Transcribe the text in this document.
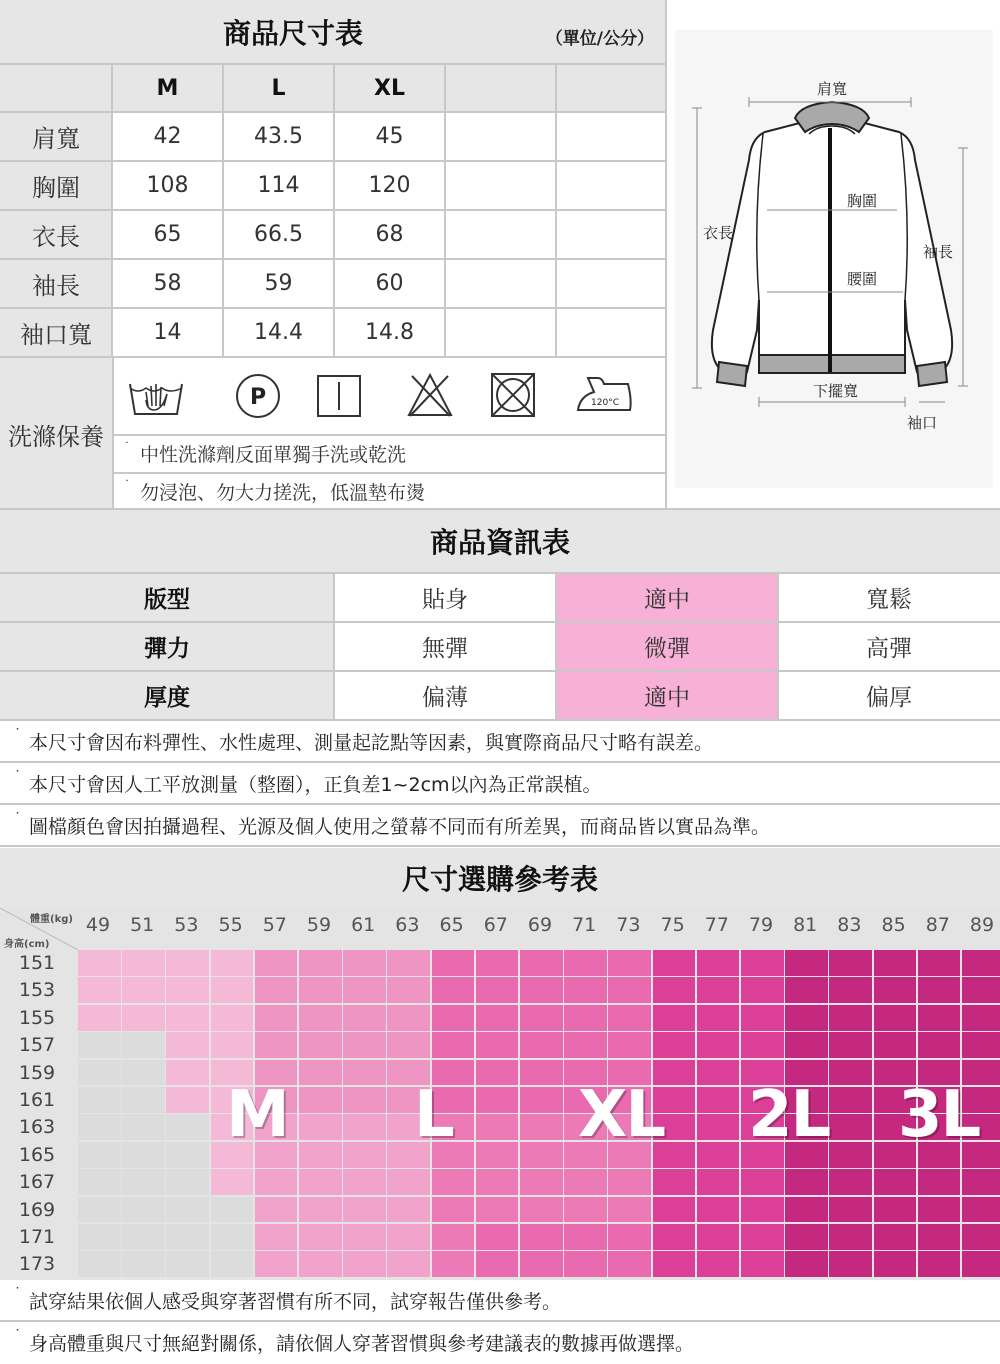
商品尺寸表	（單位/公分）
M	L	XL
肩寬	42	43.5	45
胸圍	108	114	120
衣長	65	66.5	68
袖長	58	59	60
袖口寬	14	14.4	14.8
洗滌保養
P	120°C
˙ 中性洗滌劑反面單獨手洗或乾洗
˙ 勿浸泡、勿大力搓洗，低溫墊布燙
肩寬
胸圍
衣長
袖長
腰圍
下擺寬
袖口
商品資訊表
版型	貼身	適中	寬鬆
彈力	無彈	微彈	高彈
厚度	偏薄	適中	偏厚
˙ 本尺寸會因布料彈性、水性處理、測量起訖點等因素，與實際商品尺寸略有誤差。
˙ 本尺寸會因人工平放測量（整圈），正負差1~2cm以內為正常誤植。
˙ 圖檔顏色會因拍攝過程、光源及個人使用之螢幕不同而有所差異，而商品皆以實品為準。
尺寸選購參考表
體重(kg)
身高(cm)
49	51	53	55	57	59	61	63	65	67	69	71	73	75	77	79	81	83	85	87	89
151
153
155
157
159
161
163
165
167
169
171
173
M L XL 2L 3L
˙ 試穿結果依個人感受與穿著習慣有所不同，試穿報告僅供參考。
˙ 身高體重與尺寸無絕對關係，請依個人穿著習慣與參考建議表的數據再做選擇。
